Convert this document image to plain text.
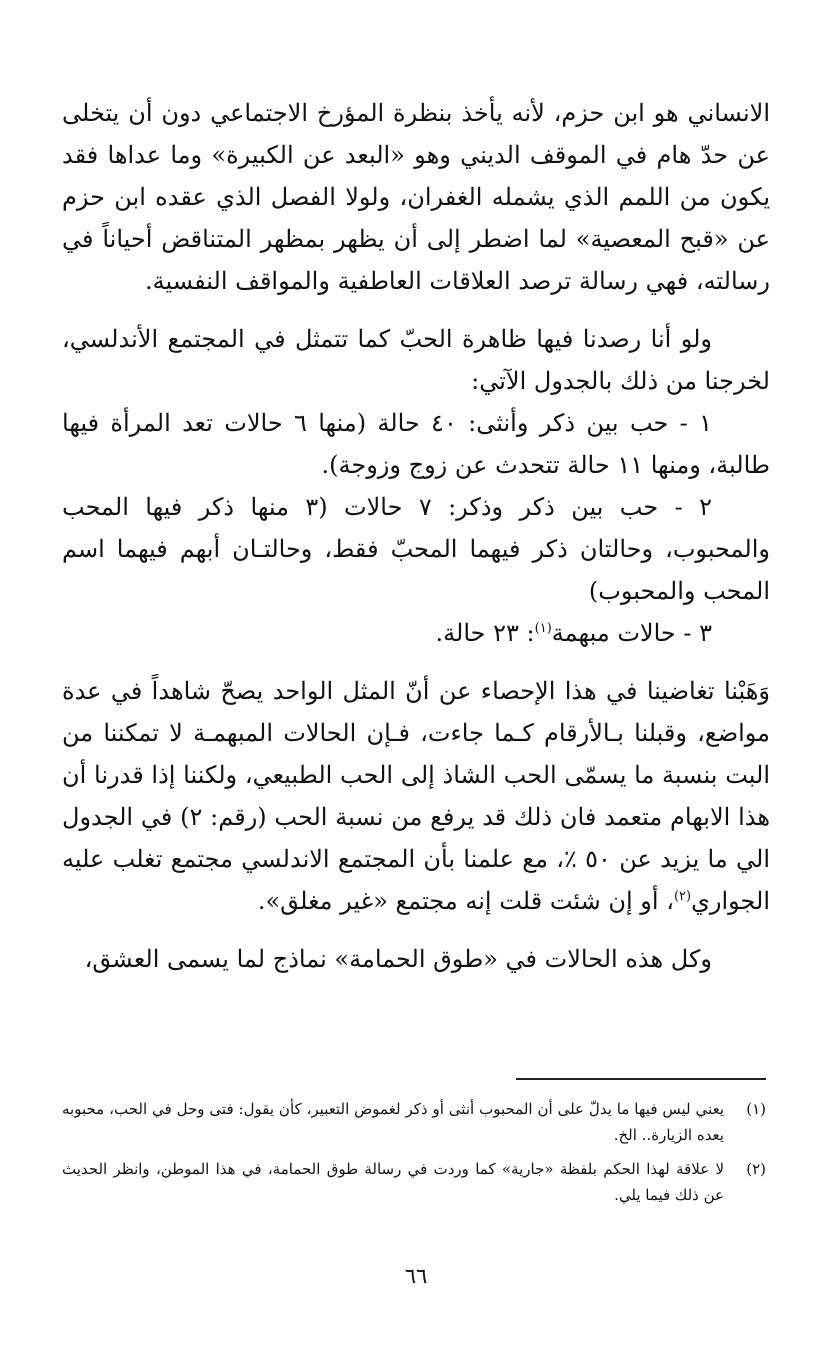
الانساني هو ابن حزم، لأنه يأخذ بنظرة المؤرخ الاجتماعي دون أن يتخلى عن حدّ هام في الموقف الديني وهو «البعد عن الكبيرة» وما عداها فقد يكون من اللمم الذي يشمله الغفران، ولولا الفصل الذي عقده ابن حزم عن «قبح المعصية» لما اضطر إلى أن يظهر بمظهر المتناقض أحياناً في رسالته، فهي رسالة ترصد العلاقات العاطفية والمواقف النفسية.

ولو أنا رصدنا فيها ظاهرة الحبّ كما تتمثل في المجتمع الأندلسي، لخرجنا من ذلك بالجدول الآتي:

١ - حب بين ذكر وأنثى: ٤٠ حالة (منها ٦ حالات تعد المرأة فيها طالبة، ومنها ١١ حالة تتحدث عن زوج وزوجة).

٢ - حب بين ذكر وذكر: ٧ حالات (٣ منها ذكر فيها المحب والمحبوب، وحالتان ذكر فيهما المحبّ فقط، وحالتـان أبهم فيهما اسم المحب والمحبوب)

٣ - حالات مبهمة$^{(١)}$: ٢٣ حالة.

وَهَبْنا تغاضينا في هذا الإحصاء عن أنّ المثل الواحد يصحّ شاهداً في عدة مواضع، وقبلنا بـالأرقام كـما جاءت، فـإن الحالات المبهمـة لا تمكننا من البت بنسبة ما يسمّى الحب الشاذ إلى الحب الطبيعي، ولكننا إذا قدرنا أن هذا الابهام متعمد فان ذلك قد يرفع من نسبة الحب (رقم: ٢) في الجدول الي ما يزيد عن ٥٠ ٪، مع علمنا بأن المجتمع الاندلسي مجتمع تغلب عليه الجواري$^{(٢)}$، أو إن شئت قلت إنه مجتمع «غير مغلق».

وكل هذه الحالات في «طوق الحمامة» نماذج لما يسمى العشق،

(١)
يعني ليس فيها ما يدلّ على أن المحبوب أنثى أو ذكر لغموض التعبير، كأن يقول: فتى وحل في الحب، محبوبه يعده الزيارة.. الخ.
(٢)
لا علاقة لهذا الحكم بلفظة «جارية» كما وردت في رسالة طوق الحمامة، في هذا الموطن، وانظر الحديث عن ذلك فيما يلي.
٦٦
